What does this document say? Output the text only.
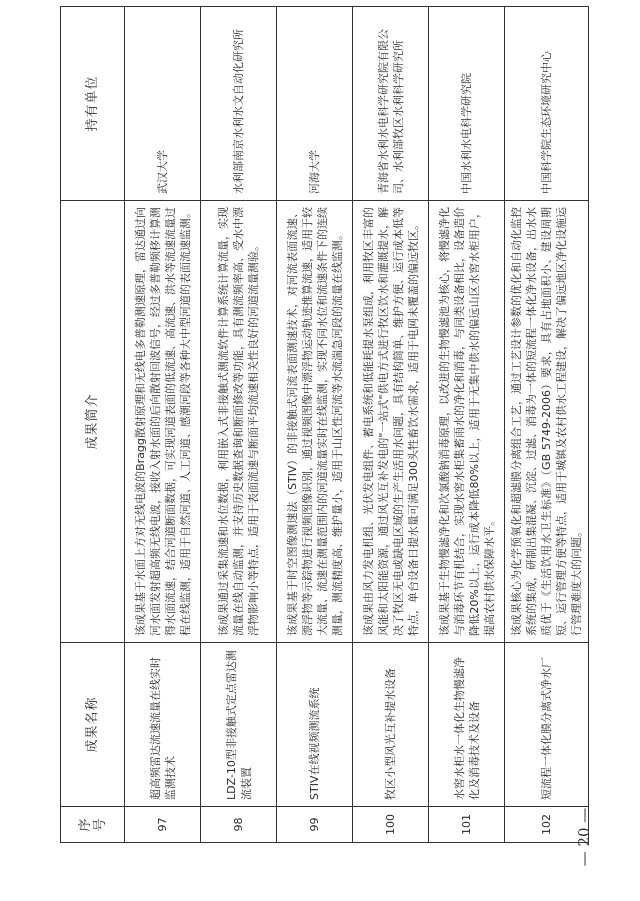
— 20 —
序号	成果名称	成果简介	持有单位
97	超高频雷达流速流量在线实时监测技术	该成果基于水面上方对无线电波的Bragg散射原理和无线电多普勒测速原理，雷达通过向河水面发射超高频无线电波，接收入射水面的后向散射回波信号，经过多普勒频移计算测得水面流速，结合河道断面数据，可实现河道表面的低流速、高流速、洪水等流速流量过程在线监测，适用于自然河道、人工河道、感潮河段等各种大中型河道的表面流速监测。	武汉大学
98	LDZ-10型非接触式定点雷达测流装置	该成果通过采集流速和水位数据，利用嵌入式非接触式测流软件计算系统计算流量，实现流量在线自动监测，并支持历史数据查询和断面修改等功能，具有测流频率高、受水中漂浮物影响小等特点，适用于表面流速与断面平均流速相关性良好的河道流量测验。	水利部南京水利水文自动化研究所
99	STIV在线视频测流系统	该成果基于时空图像测速法（STIV）的非接触式河流表面测速技术，对河流表面流速、漂浮物等示踪物进行视频图像识别，通过视频图像中漂浮物运动轨迹推算流速，适用于较大流量、流速在测量范围内的河道流量实时在线监测，实现不同水位和流速条件下的连续测量，测流精度高、维护量小，适用于山区性河流等水流湍急河段的流量在线监测。	河海大学
100	牧区小型风光互补提水设备	该成果由风力发电机组、光伏发电组件、蓄电系统和低能耗提水泵组成，利用牧区丰富的风能和太阳能资源，通过风光互补发电的"一站式"供电方式进行牧区饮水和灌溉提水，解决了牧区无电或缺电区域的生产生活用水问题，具有结构简单、维护方便、运行成本低等特点，单台设备日提水量可满足300头牲畜饮水需求，适用于电网未覆盖的偏远牧区。	青海省水利水电科学研究院有限公司、水利部牧区水利科学研究所
101	水窖水柜水一体化生物慢滤净化及消毒技术及设备	该成果基于生物慢滤净化和次氯酸钠消毒原理，以改进的生物慢滤池为核心，将慢滤净化与消毒环节有机结合，实现水窖水柜集蓄雨水的净化和消毒，与同类设备相比，设备造价降低20%以上，运行成本降低80%以上，适用于无集中供水的偏远山区水窖水柜用户，提高农村供水保障水平。	中国水利水电科学研究院
102	短流程一体化膜分离式净水厂	该成果核心为化学预氧化和超滤膜分离组合工艺，通过工艺设计参数的优化和自动化监控系统的集成，研制出集混凝、沉淀、过滤、消毒为一体的短流程一体化净水设备，出水水质优于《生活饮用水卫生标准》（GB 5749-2006）要求，具有占地面积小、建设周期短、运行管理方便等特点，适用于城镇及农村供水工程建设，解决了偏远地区净化设施运行管理难度大的问题。	中国科学院生态环境研究中心
